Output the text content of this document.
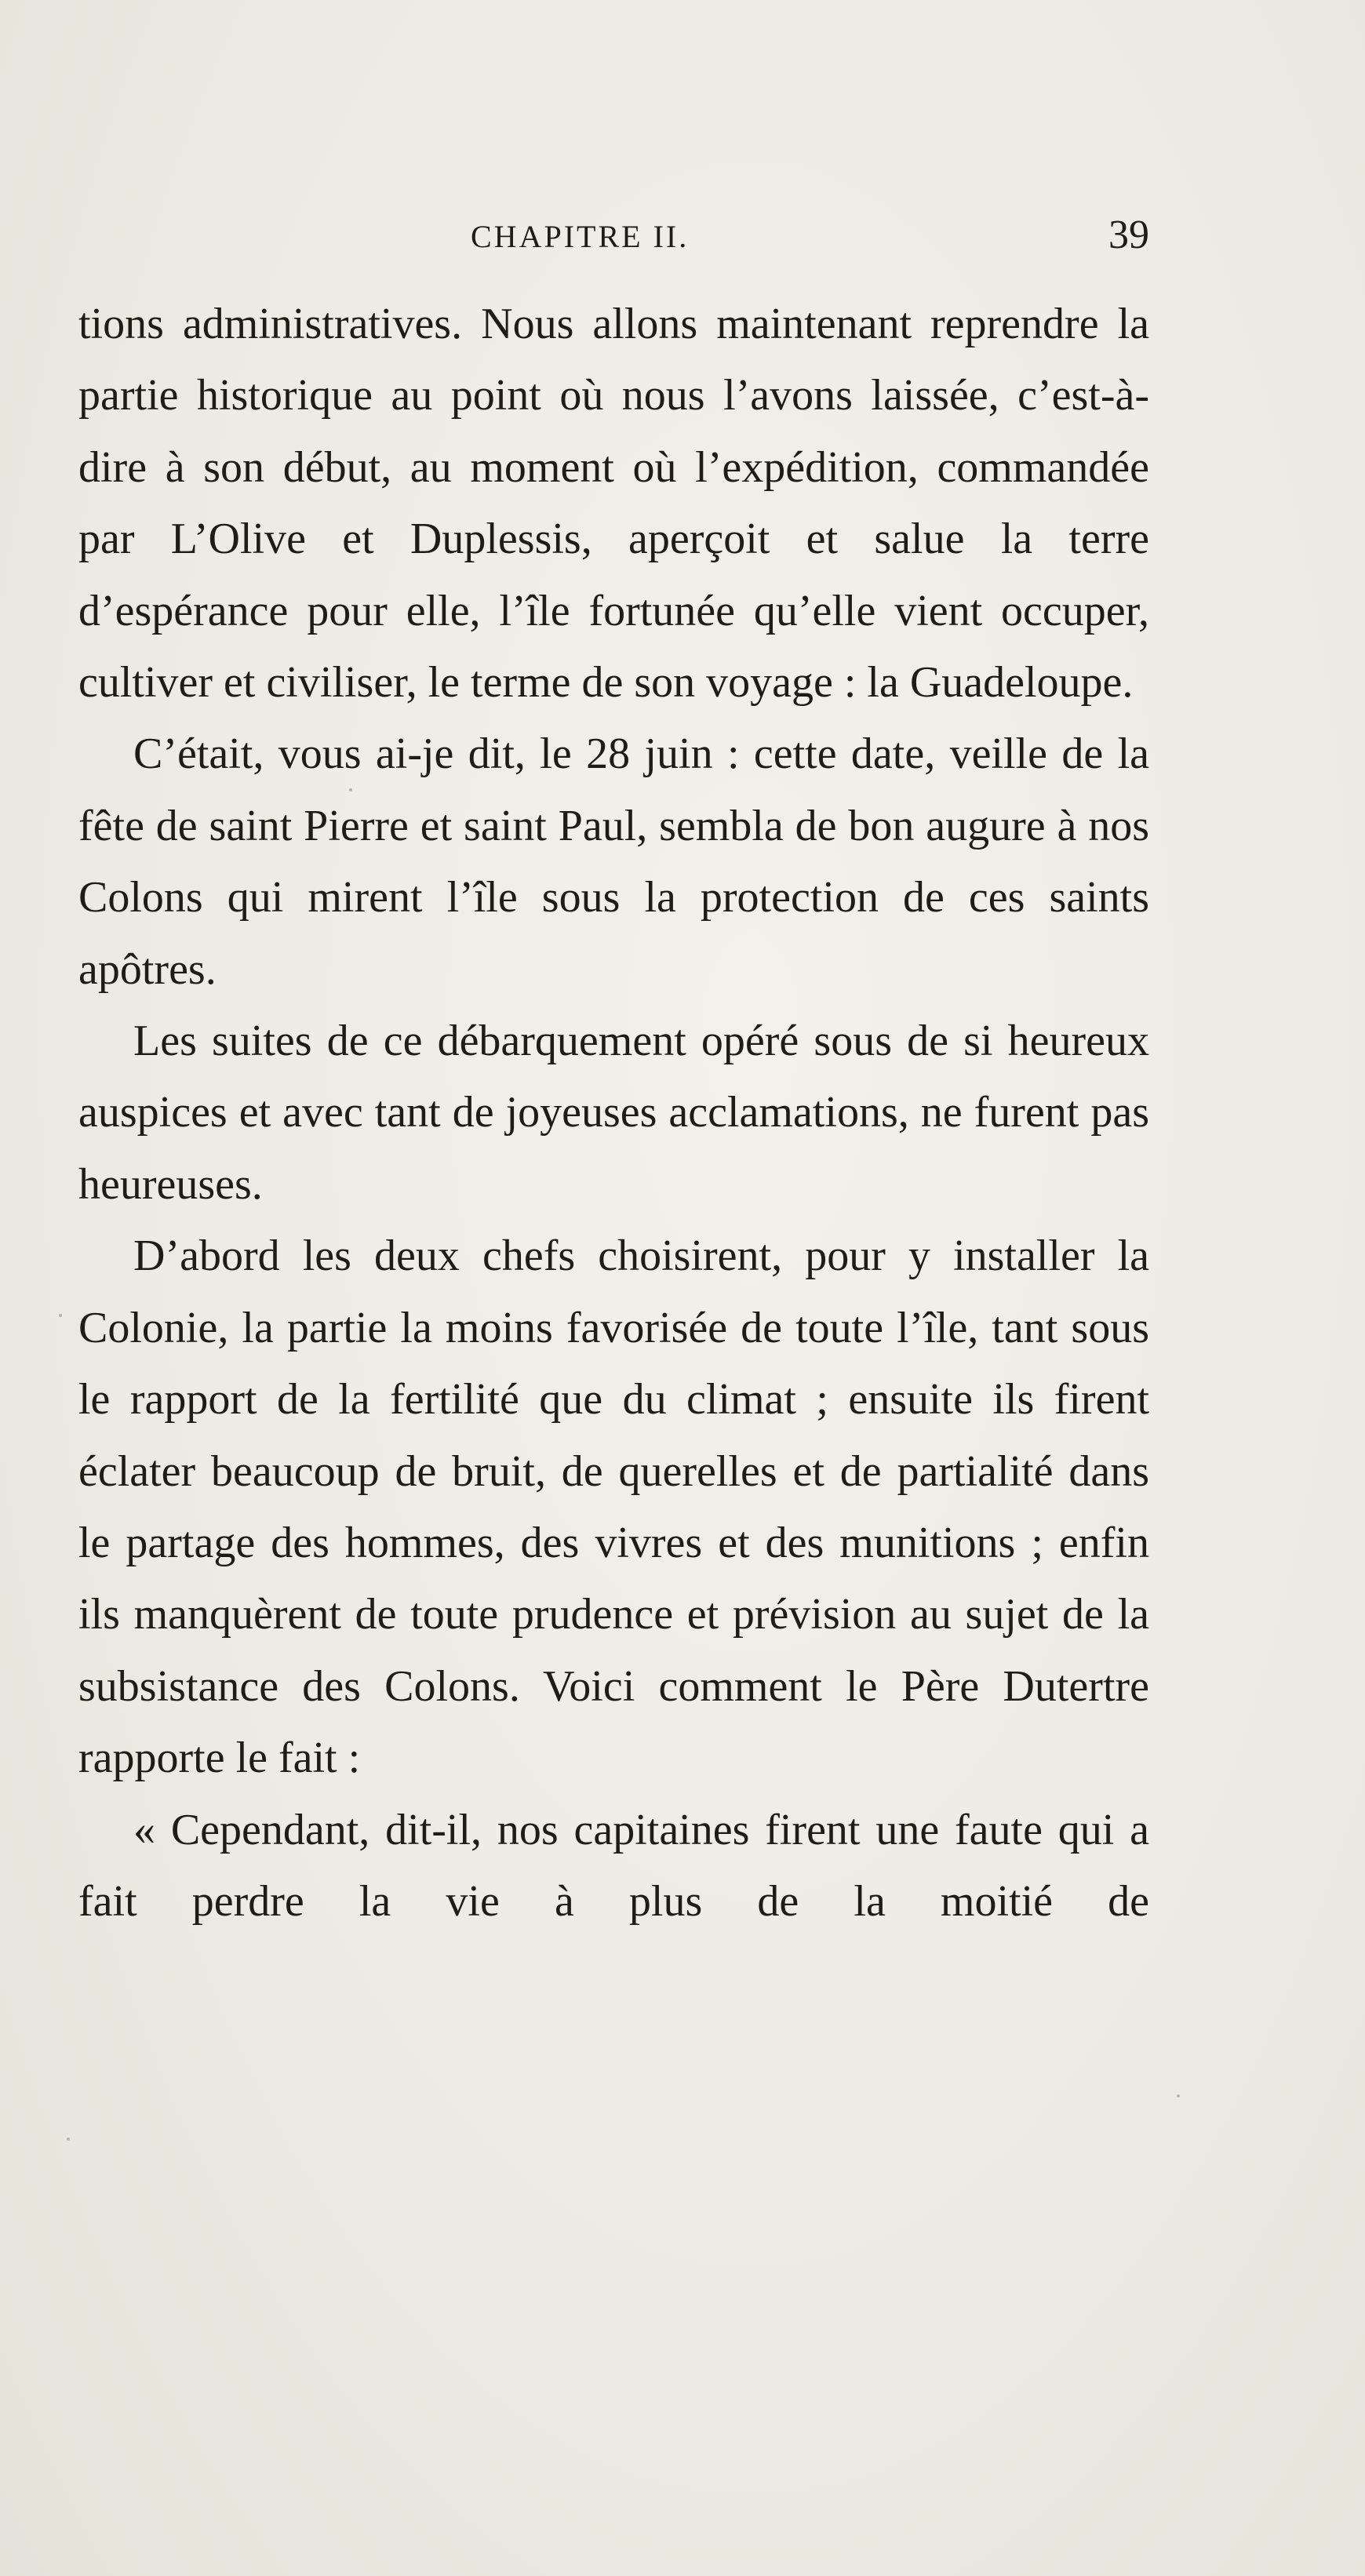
CHAPITRE II.	39

tions administratives. Nous allons maintenant reprendre la partie historique au point où nous l’avons laissée, c’est-à-dire à son début, au moment où l’expédition, commandée par L’Olive et Duplessis, aperçoit et salue la terre d’espérance pour elle, l’île fortunée qu’elle vient occuper, cultiver et civiliser, le terme de son voyage : la Guadeloupe.

C’était, vous ai-je dit, le 28 juin : cette date, veille de la fête de saint Pierre et saint Paul, sembla de bon augure à nos Colons qui mirent l’île sous la protection de ces saints apôtres.

Les suites de ce débarquement opéré sous de si heureux auspices et avec tant de joyeuses acclamations, ne furent pas heureuses.

D’abord les deux chefs choisirent, pour y installer la Colonie, la partie la moins favorisée de toute l’île, tant sous le rapport de la fertilité que du climat ; ensuite ils firent éclater beaucoup de bruit, de querelles et de partialité dans le partage des hommes, des vivres et des munitions ; enfin ils manquèrent de toute prudence et prévision au sujet de la subsistance des Colons. Voici comment le Père Dutertre rapporte le fait :

« Cependant, dit-il, nos capitaines firent une faute qui a fait perdre la vie à plus de la moitié de
